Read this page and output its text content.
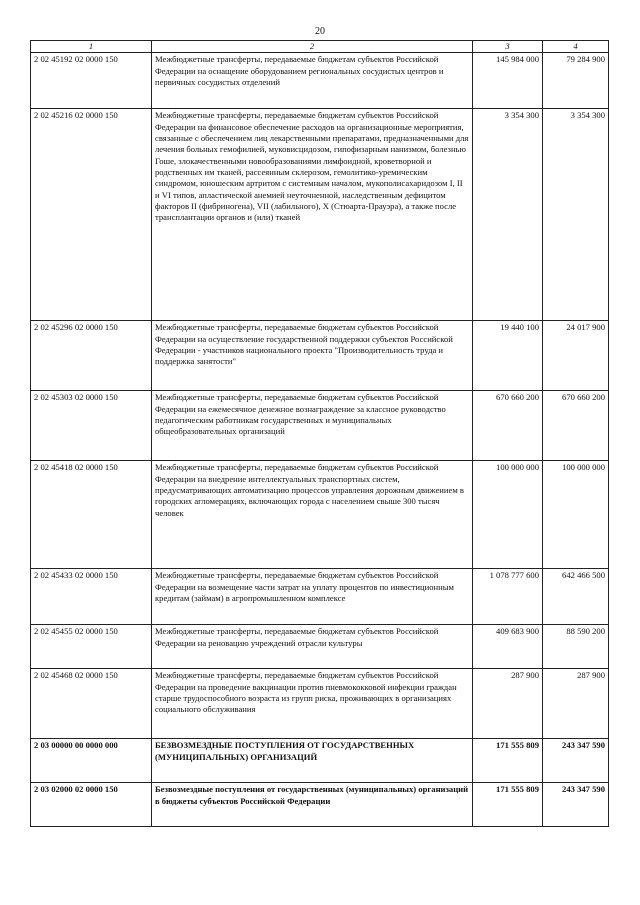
20
1	2	3	4
2 02 45192 02 0000 150	Межбюджетные трансферты, передаваемые бюджетам субъектов Российской Федерации на оснащение оборудованием региональных сосудистых центров и первичных сосудистых отделений	145 984 000	79 284 900
2 02 45216 02 0000 150	Межбюджетные трансферты, передаваемые бюджетам субъектов Российской Федерации на финансовое обеспечение расходов на организационные мероприятия, связанные с обеспечением лиц лекарственными препаратами, предназначенными для лечения больных гемофилией, муковисцидозом, гипофизарным нанизмом, болезнью Гоше, злокачественными новообразованиями лимфоидной, кроветворной и родственных им тканей, рассеянным склерозом, гемолитико-уремическим синдромом, юношеским артритом с системным началом, мукополисахаридозом I, II и VI типов, апластической анемией неуточненной, наследственным дефицитом факторов II (фибриногена), VII (лабильного), X (Стюарта-Прауэра), а также после трансплантации органов и (или) тканей	3 354 300	3 354 300
2 02 45296 02 0000 150	Межбюджетные трансферты, передаваемые бюджетам субъектов Российской Федерации на осуществление государственной поддержки субъектов Российской Федерации - участников национального проекта "Производительность труда и поддержка занятости"	19 440 100	24 017 900
2 02 45303 02 0000 150	Межбюджетные трансферты, передаваемые бюджетам субъектов Российской Федерации на ежемесячное денежное вознаграждение за классное руководство педагогическим работникам государственных и муниципальных общеобразовательных организаций	670 660 200	670 660 200
2 02 45418 02 0000 150	Межбюджетные трансферты, передаваемые бюджетам субъектов Российской Федерации на внедрение интеллектуальных транспортных систем, предусматривающих автоматизацию процессов управления дорожным движением в городских агломерациях, включающих города с населением свыше 300 тысяч человек	100 000 000	100 000 000
2 02 45433 02 0000 150	Межбюджетные трансферты, передаваемые бюджетам субъектов Российской Федерации на возмещение части затрат на уплату процентов по инвестиционным кредитам (займам) в агропромышленном комплексе	1 078 777 600	642 466 500
2 02 45455 02 0000 150	Межбюджетные трансферты, передаваемые бюджетам субъектов Российской Федерации на реновацию учреждений отрасли культуры	409 683 900	88 590 200
2 02 45468 02 0000 150	Межбюджетные трансферты, передаваемые бюджетам субъектов Российской Федерации на проведение вакцинации против пневмококковой инфекции граждан старше трудоспособного возраста из групп риска, проживающих в организациях социального обслуживания	287 900	287 900
2 03 00000 00 0000 000	БЕЗВОЗМЕЗДНЫЕ ПОСТУПЛЕНИЯ ОТ ГОСУДАРСТВЕННЫХ (МУНИЦИПАЛЬНЫХ) ОРГАНИЗАЦИЙ	171 555 809	243 347 590
2 03 02000 02 0000 150	Безвозмездные поступления от государственных (муниципальных) организаций в бюджеты субъектов Российской Федерации	171 555 809	243 347 590
